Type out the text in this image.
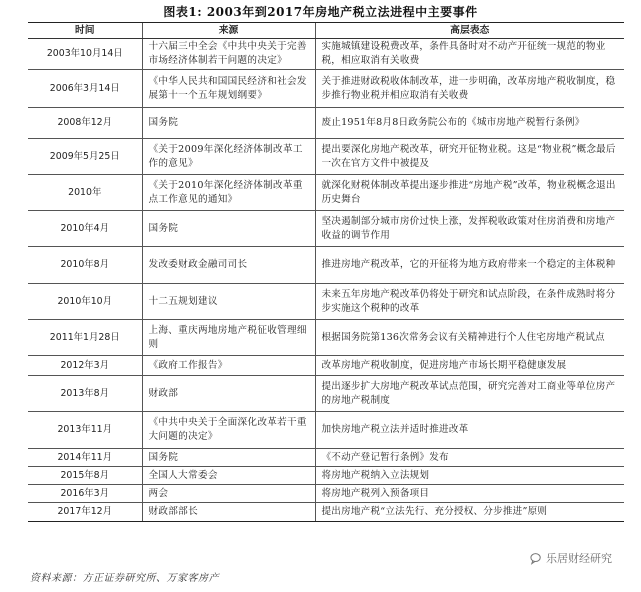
图表1: 2003年到2017年房地产税立法进程中主要事件
时间	来源	高层表态
2003年10月14日	十六届三中全会《中共中央关于完善市场经济体制若干问题的决定》	实施城镇建设税费改革，条件具备时对不动产开征统一规范的物业税，相应取消有关收费
2006年3月14日	《中华人民共和国国民经济和社会发展第十一个五年规划纲要》	关于推进财政税收体制改革，进一步明确，改革房地产税收制度，稳步推行物业税并相应取消有关收费
2008年12月	国务院	废止1951年8月8日政务院公布的《城市房地产税暂行条例》
2009年5月25日	《关于2009年深化经济体制改革工作的意见》	提出要深化房地产税改革，研究开征物业税。这是“物业税”概念最后一次在官方文件中被提及
2010年	《关于2010年深化经济体制改革重点工作意见的通知》	就深化财税体制改革提出逐步推进“房地产税”改革，物业税概念退出历史舞台
2010年4月	国务院	坚决遏制部分城市房价过快上涨，发挥税收政策对住房消费和房地产收益的调节作用
2010年8月	发改委财政金融司司长	推进房地产税改革，它的开征将为地方政府带来一个稳定的主体税种
2010年10月	十二五规划建议	未来五年房地产税改革仍将处于研究和试点阶段，在条件成熟时将分步实施这个税种的改革
2011年1月28日	上海、重庆两地房地产税征收管理细则	根据国务院第136次常务会议有关精神进行个人住宅房地产税试点
2012年3月	《政府工作报告》	改革房地产税收制度，促进房地产市场长期平稳健康发展
2013年8月	财政部	提出逐步扩大房地产税改革试点范围，研究完善对工商业等单位房产的房地产税制度
2013年11月	《中共中央关于全面深化改革若干重大问题的决定》	加快房地产税立法并适时推进改革
2014年11月	国务院	《不动产登记暂行条例》发布
2015年8月	全国人大常委会	将房地产税纳入立法规划
2016年3月	两会	将房地产税列入预备项目
2017年12月	财政部部长	提出房地产税“立法先行、充分授权、分步推进”原则
资料来源：方正证券研究所、万家客房产
乐居财经研究
